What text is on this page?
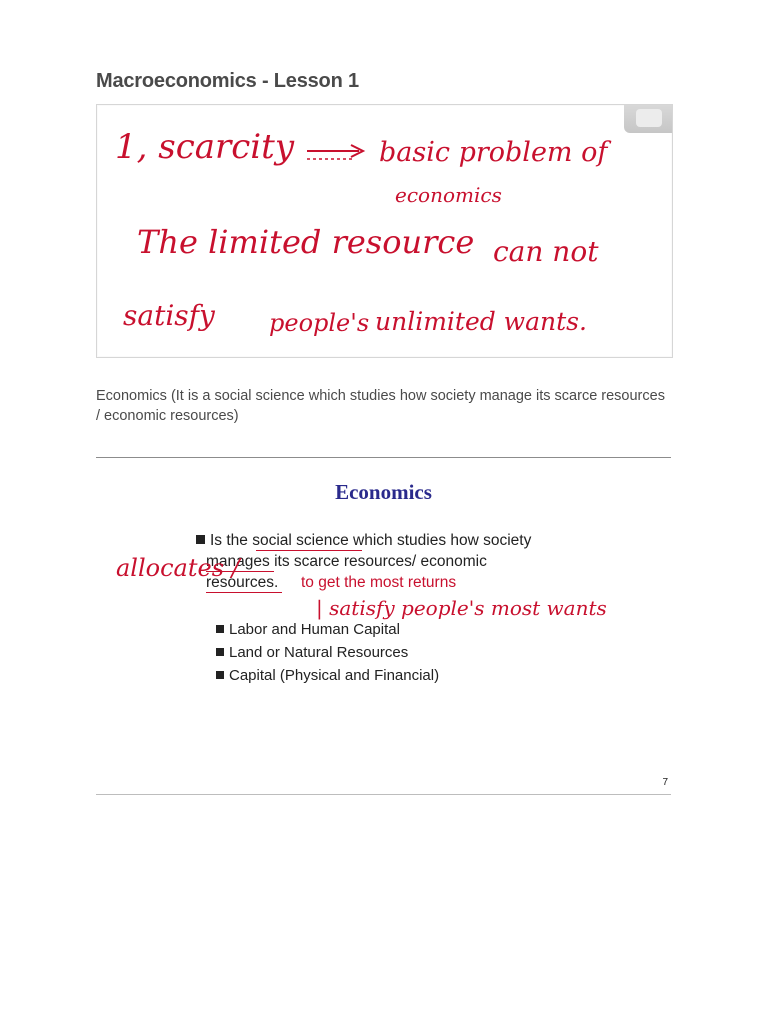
Macroeconomics - Lesson 1
1, scarcity	basic problem of
economics
The limited resource can not
satisfy people's unlimited wants.

Economics (It is a social science which studies how society manage its scarce resources / economic resources)

Economics
Is the social science which studies how society
manages its scarce resources/ economic
resources. to get the most returns
allocates /
| satisfy people's most wants
Labor and Human Capital
Land or Natural Resources
Capital (Physical and Financial)
7
